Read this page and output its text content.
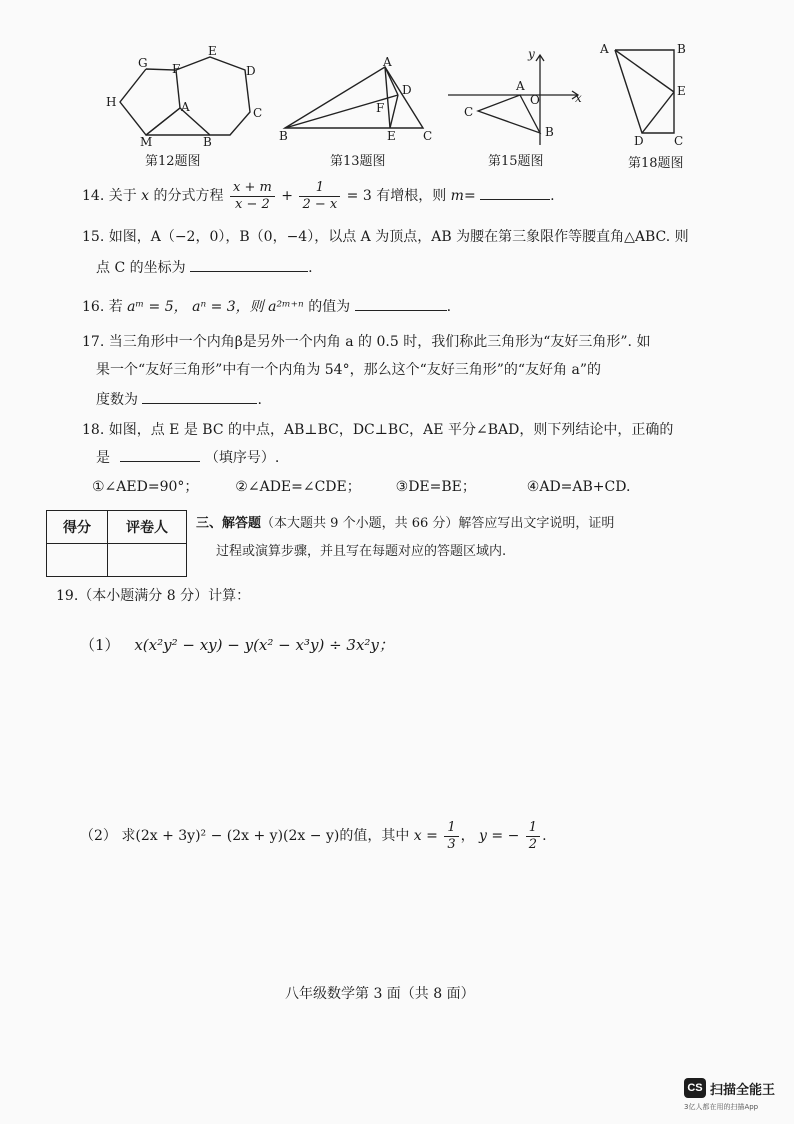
G F
E
D
H	A	C
M	B
第12题图
A
D
F
B	E C
第13题图
y
A
O	x
C
B
第15题图
A	B
E
D	C
第18题图
14. 关于 x 的分式方程 $\frac{x + m}{x - 2} + \frac{1}{2 - x} = 3$ 有增根，则 m=	.
15. 如图，A（−2，0），B（0，−4），以点 A 为顶点，AB 为腰在第三象限作等腰直角△ABC. 则
点 C 的坐标为	.
16. 若 aᵐ = 5， aⁿ = 3，则 a²ᵐ⁺ⁿ 的值为	.
17. 当三角形中一个内角β是另外一个内角 a 的 0.5 时，我们称此三角形为“友好三角形”. 如
果一个“友好三角形”中有一个内角为 54°，那么这个“友好三角形”的“友好角 a”的
度数为	.
18. 如图，点 E 是 BC 的中点，AB⊥BC，DC⊥BC，AE 平分∠BAD，则下列结论中，正确的
是	（填序号）.
①∠AED=90°；	②∠ADE=∠CDE； ③DE=BE；	④AD=AB+CD.
得分	评卷人
	三、解答题（本大题共 9 个小题，共 66 分）解答应写出文字说明，证明
过程或演算步骤，并且写在每题对应的答题区域内.
19.（本小题满分 8 分）计算：
（1） x(x²y² − xy) − y(x² − x³y) ÷ 3x²y；
（2） 求(2x + 3y)² − (2x + y)(2x − y)的值，其中 $x = \frac{1}{3}$ ， y = − $\frac{1}{2}$ .
八年级数学第 3 面（共 8 面）
CS 扫描全能王
3亿人都在用的扫描App
